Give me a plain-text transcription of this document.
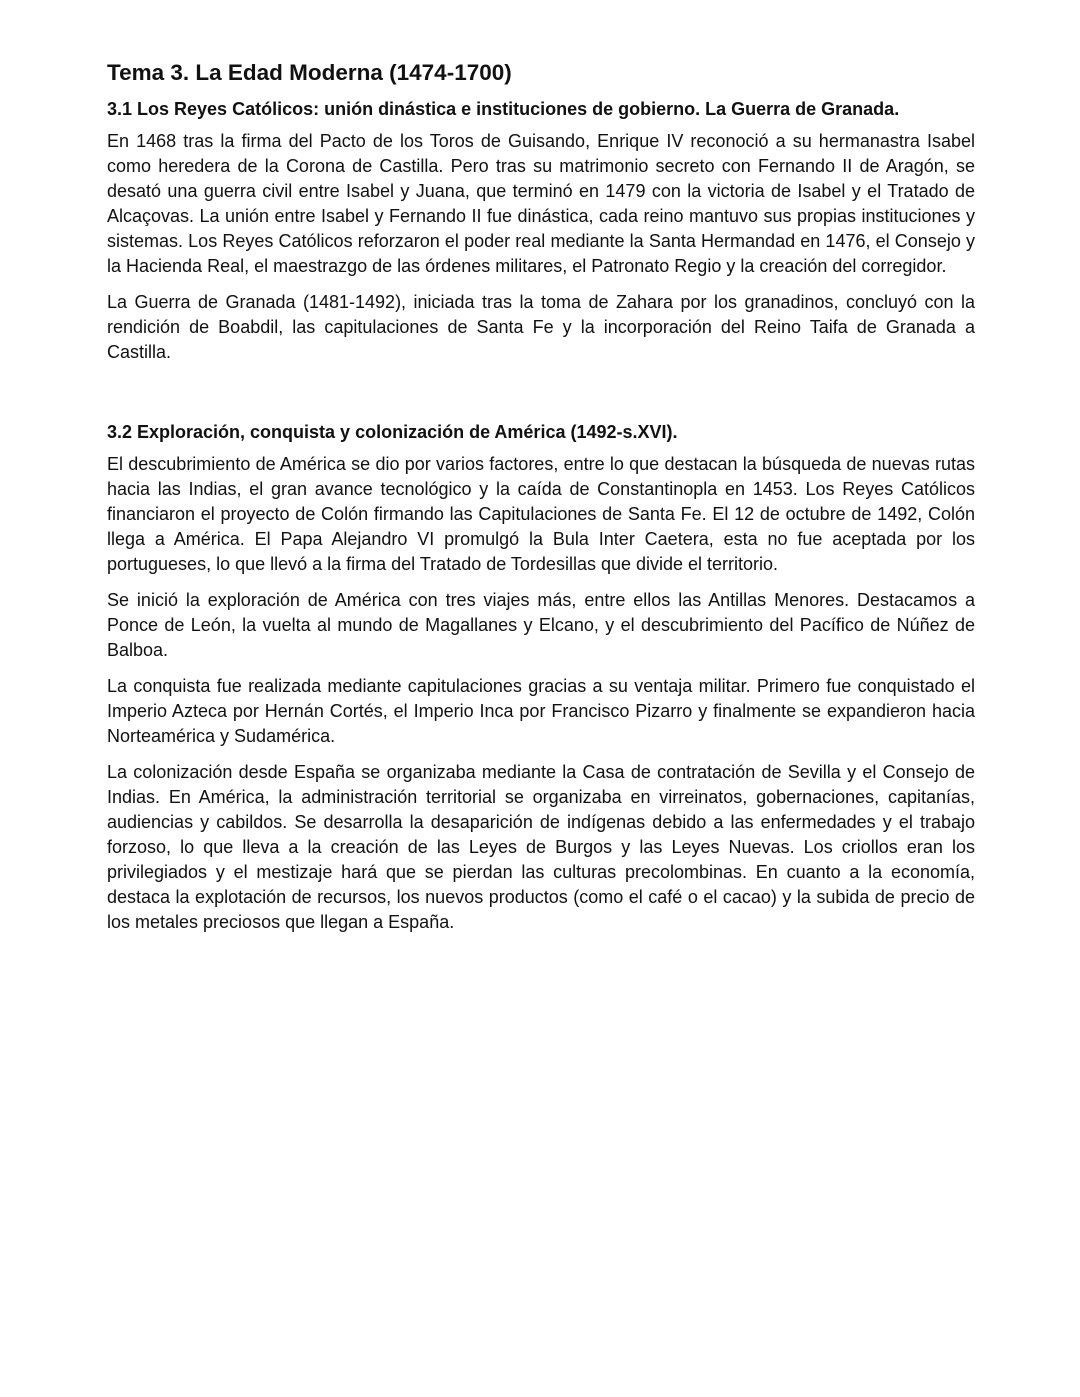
Tema 3. La Edad Moderna (1474-1700)
3.1 Los Reyes Católicos: unión dinástica e instituciones de gobierno. La Guerra de Granada.

En 1468 tras la firma del Pacto de los Toros de Guisando, Enrique IV reconoció a su hermanastra Isabel como heredera de la Corona de Castilla. Pero tras su matrimonio secreto con Fernando II de Aragón, se desató una guerra civil entre Isabel y Juana, que terminó en 1479 con la victoria de Isabel y el Tratado de Alcaçovas. La unión entre Isabel y Fernando II fue dinástica, cada reino mantuvo sus propias instituciones y sistemas. Los Reyes Católicos reforzaron el poder real mediante la Santa Hermandad en 1476, el Consejo y la Hacienda Real, el maestrazgo de las órdenes militares, el Patronato Regio y la creación del corregidor.

La Guerra de Granada (1481-1492), iniciada tras la toma de Zahara por los granadinos, concluyó con la rendición de Boabdil, las capitulaciones de Santa Fe y la incorporación del Reino Taifa de Granada a Castilla.

3.2 Exploración, conquista y colonización de América (1492-s.XVI).

El descubrimiento de América se dio por varios factores, entre lo que destacan la búsqueda de nuevas rutas hacia las Indias, el gran avance tecnológico y la caída de Constantinopla en 1453. Los Reyes Católicos financiaron el proyecto de Colón firmando las Capitulaciones de Santa Fe. El 12 de octubre de 1492, Colón llega a América. El Papa Alejandro VI promulgó la Bula Inter Caetera, esta no fue aceptada por los portugueses, lo que llevó a la firma del Tratado de Tordesillas que divide el territorio.

Se inició la exploración de América con tres viajes más, entre ellos las Antillas Menores. Destacamos a Ponce de León, la vuelta al mundo de Magallanes y Elcano, y el descubrimiento del Pacífico de Núñez de Balboa.

La conquista fue realizada mediante capitulaciones gracias a su ventaja militar. Primero fue conquistado el Imperio Azteca por Hernán Cortés, el Imperio Inca por Francisco Pizarro y finalmente se expandieron hacia Norteamérica y Sudamérica.

La colonización desde España se organizaba mediante la Casa de contratación de Sevilla y el Consejo de Indias. En América, la administración territorial se organizaba en virreinatos, gobernaciones, capitanías, audiencias y cabildos. Se desarrolla la desaparición de indígenas debido a las enfermedades y el trabajo forzoso, lo que lleva a la creación de las Leyes de Burgos y las Leyes Nuevas. Los criollos eran los privilegiados y el mestizaje hará que se pierdan las culturas precolombinas. En cuanto a la economía, destaca la explotación de recursos, los nuevos productos (como el café o el cacao) y la subida de precio de los metales preciosos que llegan a España.
